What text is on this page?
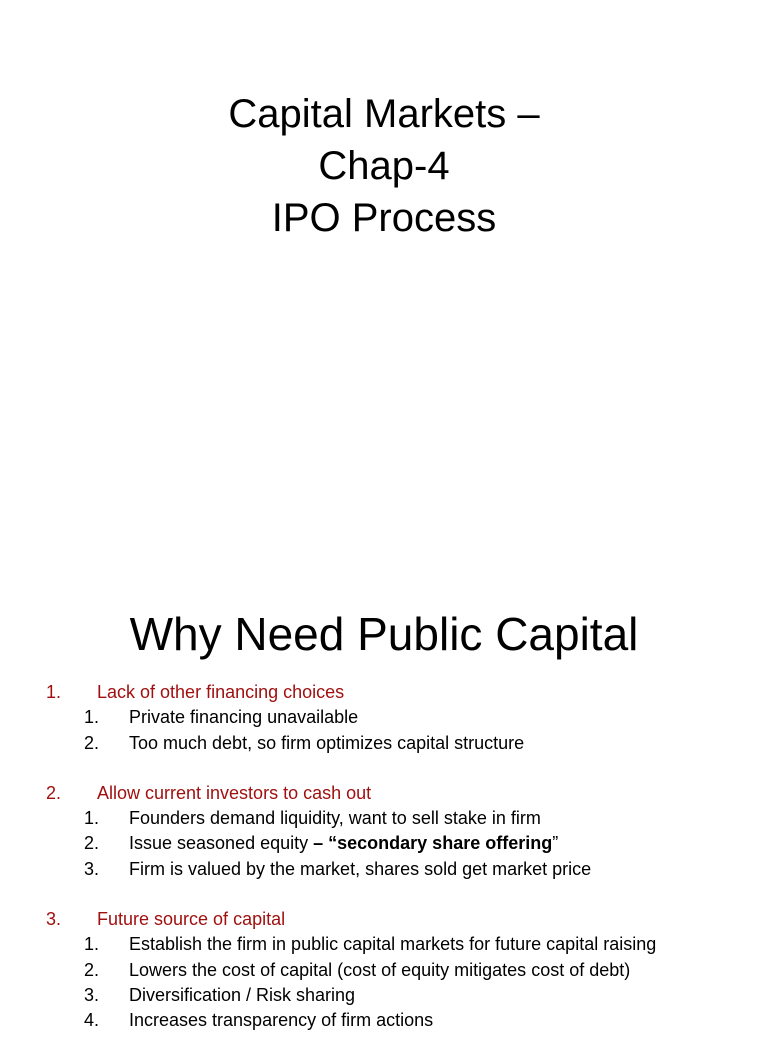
Capital Markets –
Chap-4
IPO Process
Why Need Public Capital
1. Lack of other financing choices
1. Private financing unavailable
2. Too much debt, so firm optimizes capital structure
2. Allow current investors to cash out
1. Founders demand liquidity, want to sell stake in firm
2. Issue seasoned equity – “secondary share offering”
3. Firm is valued by the market, shares sold get market price
3. Future source of capital
1. Establish the firm in public capital markets for future capital raising
2. Lowers the cost of capital (cost of equity mitigates cost of debt)
3. Diversification / Risk sharing
4. Increases transparency of firm actions
